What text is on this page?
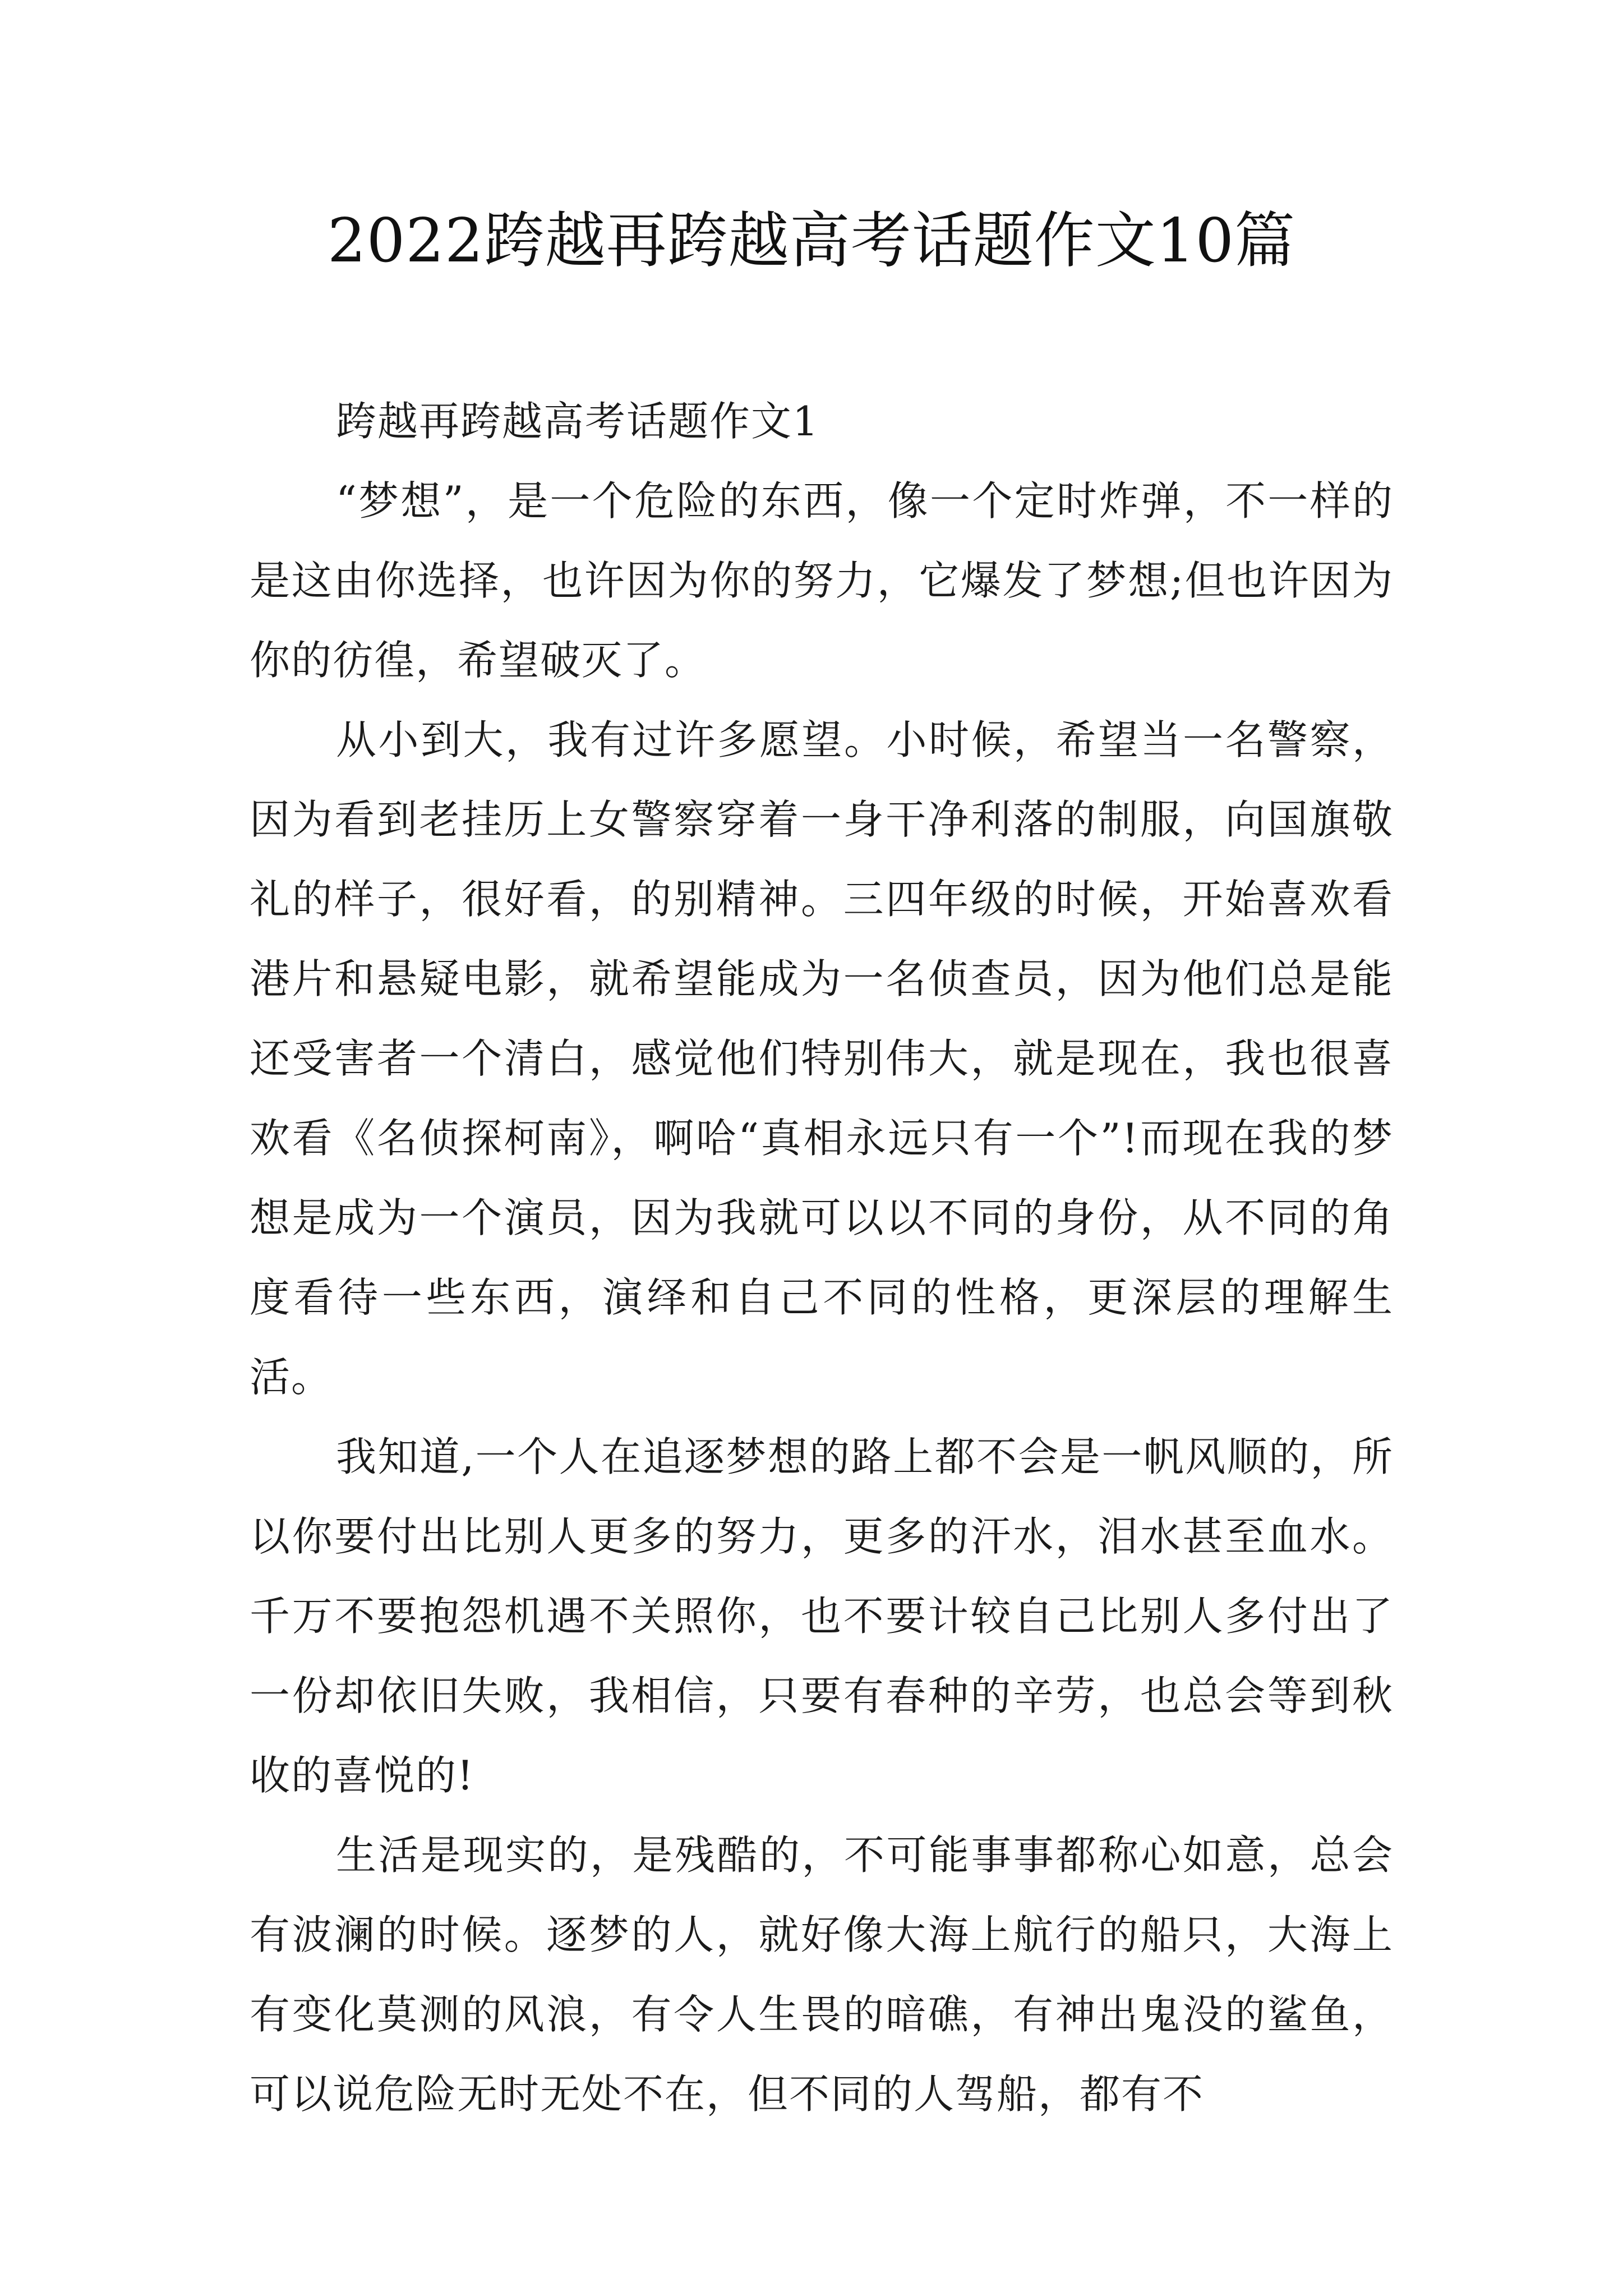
2022跨越再跨越高考话题作文10篇

跨越再跨越高考话题作文1

“梦想”，是一个危险的东西，像一个定时炸弹，不一样的是这由你选择，也许因为你的努力，它爆发了梦想;但也许因为你的彷徨，希望破灭了。

从小到大，我有过许多愿望。小时候，希望当一名警察，因为看到老挂历上女警察穿着一身干净利落的制服，向国旗敬礼的样子，很好看，的别精神。三四年级的时候，开始喜欢看港片和悬疑电影，就希望能成为一名侦查员，因为他们总是能还受害者一个清白，感觉他们特别伟大，就是现在，我也很喜欢看《名侦探柯南》，啊哈“真相永远只有一个”!而现在我的梦想是成为一个演员，因为我就可以以不同的身份，从不同的角度看待一些东西，演绎和自己不同的性格，更深层的理解生活。

我知道,一个人在追逐梦想的路上都不会是一帆风顺的，所以你要付出比别人更多的努力，更多的汗水，泪水甚至血水。千万不要抱怨机遇不关照你，也不要计较自己比别人多付出了一份却依旧失败，我相信，只要有春种的辛劳，也总会等到秋收的喜悦的!

生活是现实的，是残酷的，不可能事事都称心如意，总会有波澜的时候。逐梦的人，就好像大海上航行的船只，大海上有变化莫测的风浪，有令人生畏的暗礁，有神出鬼没的鲨鱼，可以说危险无时无处不在，但不同的人驾船，都有不
